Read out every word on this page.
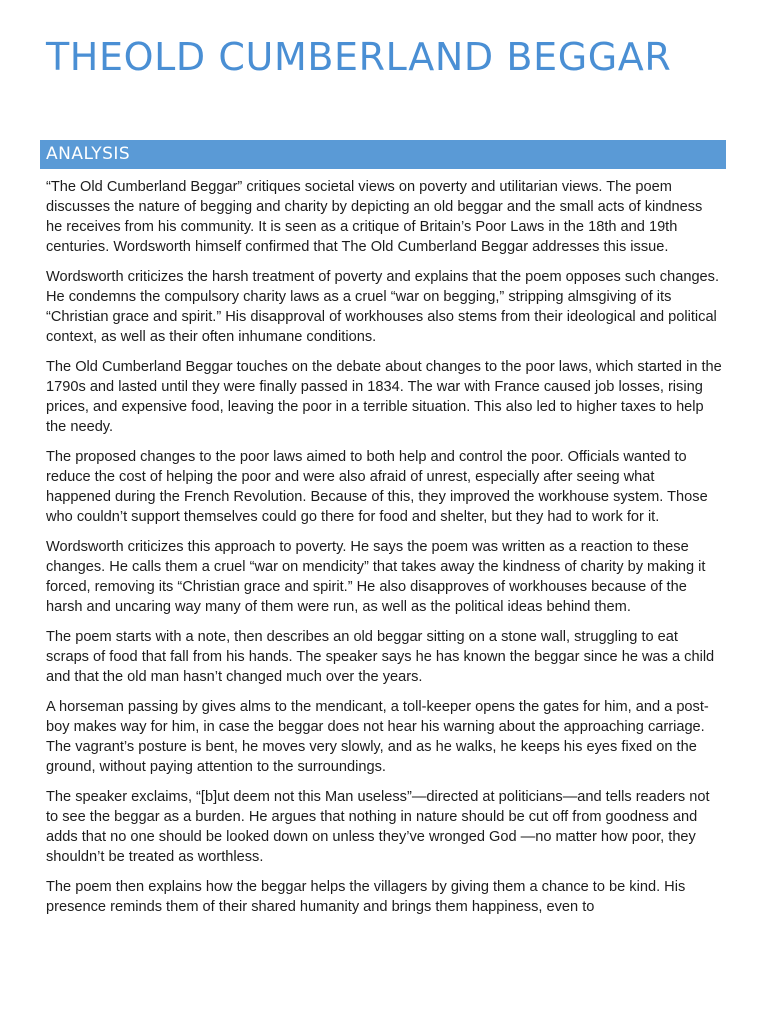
THEOLD CUMBERLAND BEGGAR
ANALYSIS

“The Old Cumberland Beggar” critiques societal views on poverty and utilitarian views. The poem discusses the nature of begging and charity by depicting an old beggar and the small acts of kindness he receives from his community. It is seen as a critique of Britain’s Poor Laws in the 18th and 19th centuries. Wordsworth himself confirmed that The Old Cumberland Beggar addresses this issue.

Wordsworth criticizes the harsh treatment of poverty and explains that the poem opposes such changes. He condemns the compulsory charity laws as a cruel “war on begging,” stripping almsgiving of its “Christian grace and spirit.” His disapproval of workhouses also stems from their ideological and political context, as well as their often inhumane conditions.

The Old Cumberland Beggar touches on the debate about changes to the poor laws, which started in the 1790s and lasted until they were finally passed in 1834. The war with France caused job losses, rising prices, and expensive food, leaving the poor in a terrible situation. This also led to higher taxes to help the needy.

The proposed changes to the poor laws aimed to both help and control the poor. Officials wanted to reduce the cost of helping the poor and were also afraid of unrest, especially after seeing what happened during the French Revolution. Because of this, they improved the workhouse system. Those who couldn’t support themselves could go there for food and shelter, but they had to work for it.

Wordsworth criticizes this approach to poverty. He says the poem was written as a reaction to these changes. He calls them a cruel “war on mendicity” that takes away the kindness of charity by making it forced, removing its “Christian grace and spirit.” He also disapproves of workhouses because of the harsh and uncaring way many of them were run, as well as the political ideas behind them.

The poem starts with a note, then describes an old beggar sitting on a stone wall, struggling to eat scraps of food that fall from his hands. The speaker says he has known the beggar since he was a child and that the old man hasn’t changed much over the years.

A horseman passing by gives alms to the mendicant, a toll-keeper opens the gates for him, and a post-boy makes way for him, in case the beggar does not hear his warning about the approaching carriage. The vagrant’s posture is bent, he moves very slowly, and as he walks, he keeps his eyes fixed on the ground, without paying attention to the surroundings.

The speaker exclaims, “[b]ut deem not this Man useless”—directed at politicians—and tells readers not to see the beggar as a burden. He argues that nothing in nature should be cut off from goodness and adds that no one should be looked down on unless they’ve wronged God —no matter how poor, they shouldn’t be treated as worthless.

The poem then explains how the beggar helps the villagers by giving them a chance to be kind. His presence reminds them of their shared humanity and brings them happiness, even to
